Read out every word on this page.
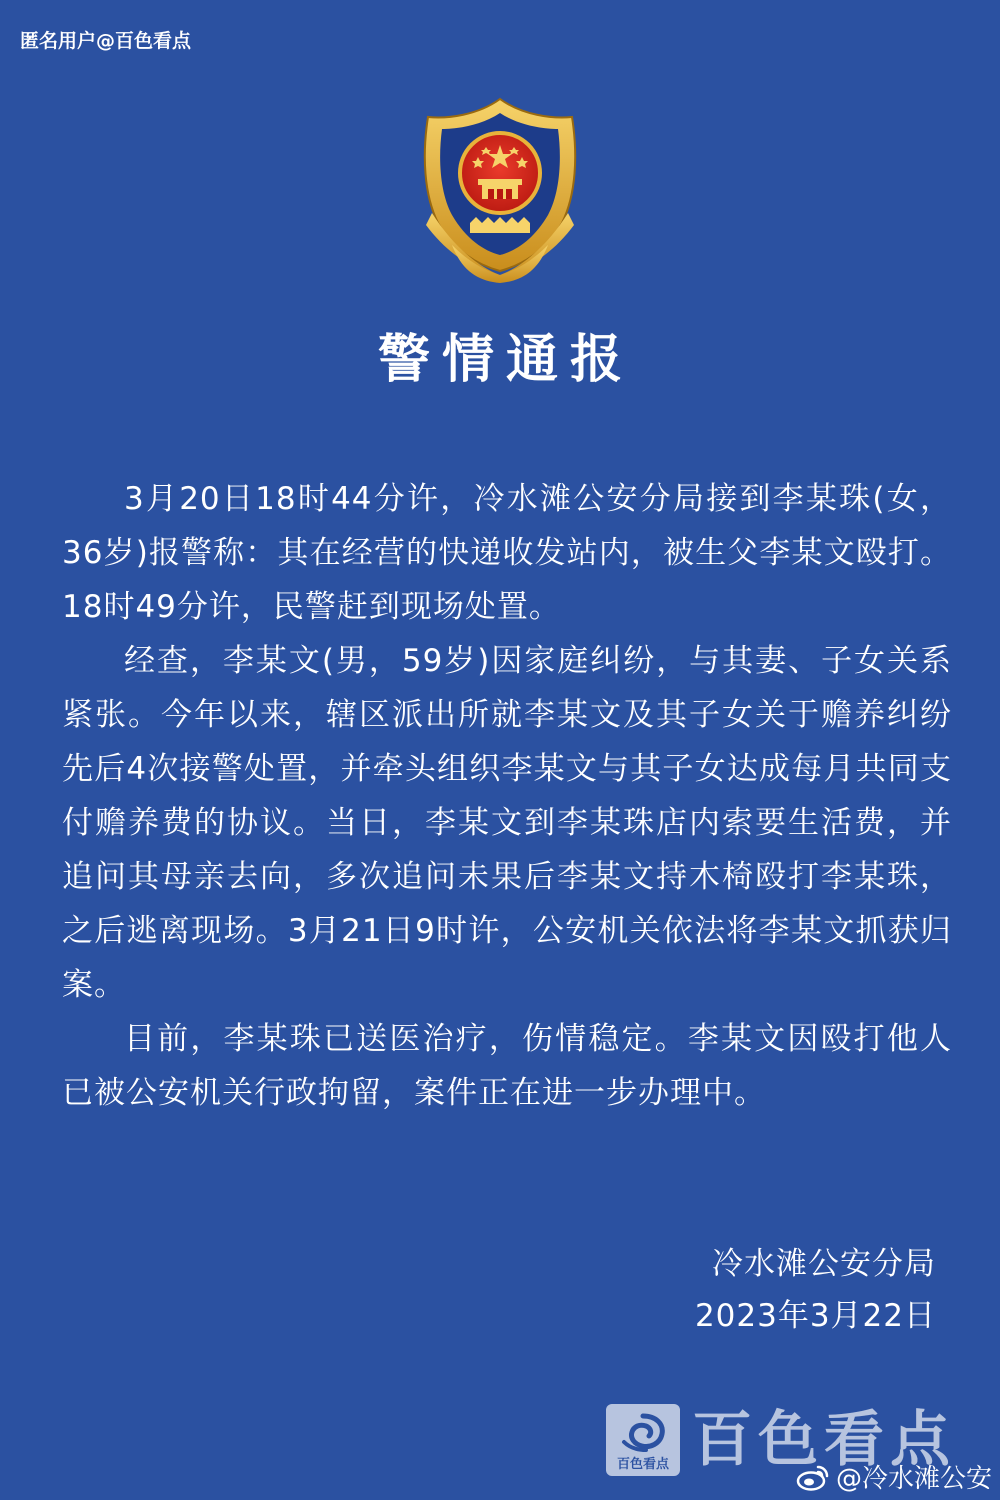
匿名用户@百色看点
警情通报

3月20日18时44分许，冷水滩公安分局接到李某珠(女，36岁)报警称：其在经营的快递收发站内，被生父李某文殴打。18时49分许，民警赶到现场处置。

经查，李某文(男，59岁)因家庭纠纷，与其妻、子女关系紧张。今年以来，辖区派出所就李某文及其子女关于赡养纠纷先后4次接警处置，并牵头组织李某文与其子女达成每月共同支付赡养费的协议。当日，李某文到李某珠店内索要生活费，并追问其母亲去向，多次追问未果后李某文持木椅殴打李某珠，之后逃离现场。3月21日9时许，公安机关依法将李某文抓获归案。

目前，李某珠已送医治疗，伤情稳定。李某文因殴打他人已被公安机关行政拘留，案件正在进一步办理中。

冷水滩公安分局
2023年3月22日
百色看点 百色看点
@冷水滩公安
